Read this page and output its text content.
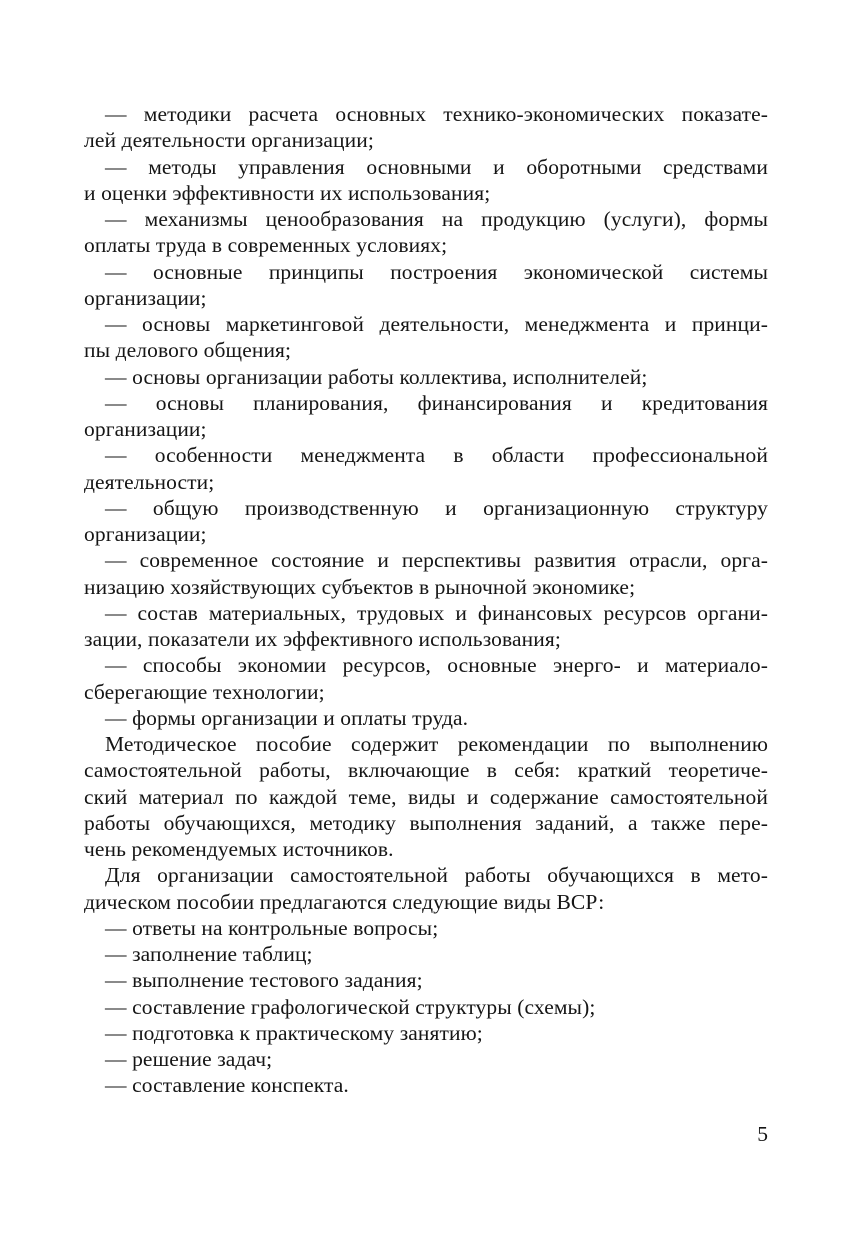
— методики расчета основных технико-экономических показате-
лей деятельности организации;
— методы управления основными и оборотными средствами
и оценки эффективности их использования;
— механизмы ценообразования на продукцию (услуги), формы
оплаты труда в современных условиях;
— основные принципы построения экономической системы
организации;
— основы маркетинговой деятельности, менеджмента и принци-
пы делового общения;
— основы организации работы коллектива, исполнителей;
— основы планирования, финансирования и кредитования
организации;
— особенности менеджмента в области профессиональной
деятельности;
— общую производственную и организационную структуру
организации;
— современное состояние и перспективы развития отрасли, орга-
низацию хозяйствующих субъектов в рыночной экономике;
— состав материальных, трудовых и финансовых ресурсов органи-
зации, показатели их эффективного использования;
— способы экономии ресурсов, основные энерго- и материало-
сберегающие технологии;
— формы организации и оплаты труда.
Методическое пособие содержит рекомендации по выполнению
самостоятельной работы, включающие в себя: краткий теоретиче-
ский материал по каждой теме, виды и содержание самостоятельной
работы обучающихся, методику выполнения заданий, а также пере-
чень рекомендуемых источников.
Для организации самостоятельной работы обучающихся в мето-
дическом пособии предлагаются следующие виды ВСР:
— ответы на контрольные вопросы;
— заполнение таблиц;
— выполнение тестового задания;
— составление графологической структуры (схемы);
— подготовка к практическому занятию;
— решение задач;
— составление конспекта.
5
